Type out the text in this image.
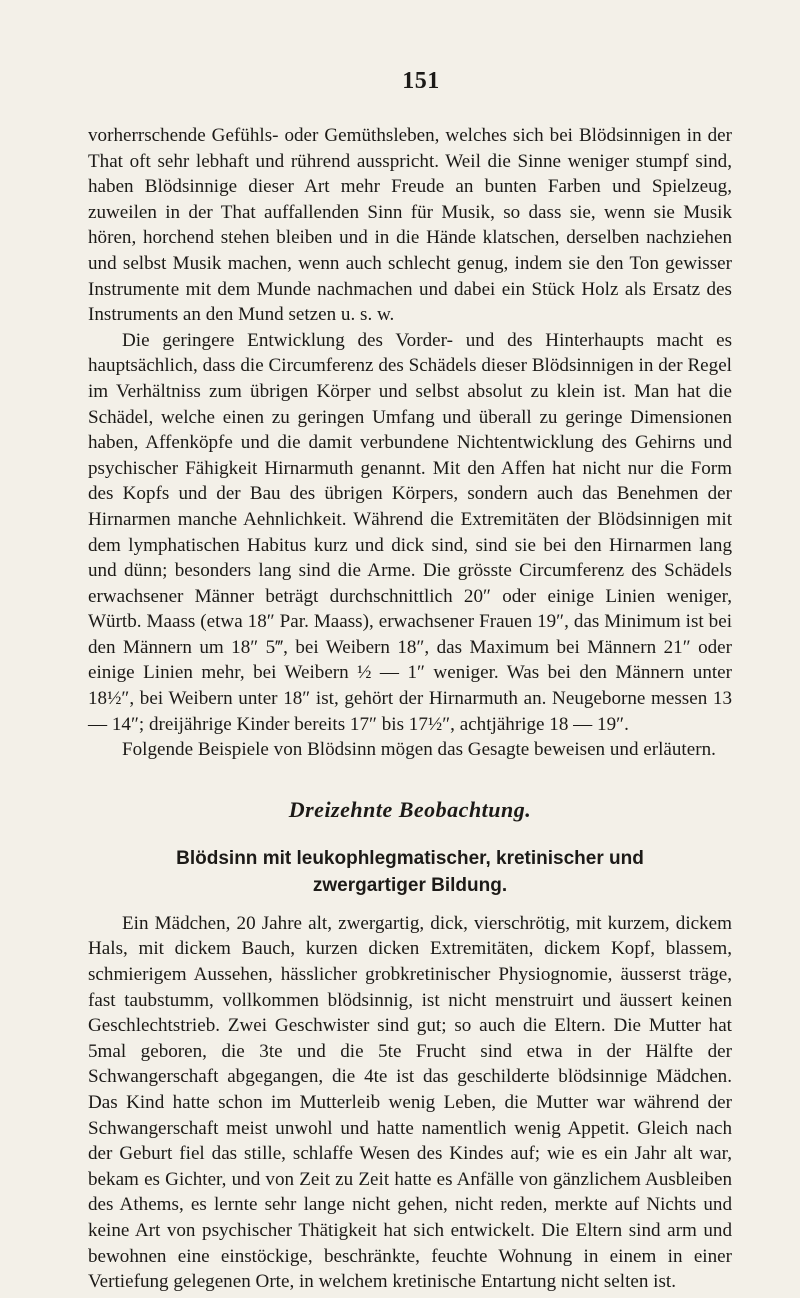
151

vorherrschende Gefühls- oder Gemüthsleben, welches sich bei Blödsinnigen in der That oft sehr lebhaft und rührend ausspricht. Weil die Sinne weniger stumpf sind, haben Blödsinnige dieser Art mehr Freude an bunten Farben und Spielzeug, zuweilen in der That auffallenden Sinn für Musik, so dass sie, wenn sie Musik hören, horchend stehen bleiben und in die Hände klatschen, derselben nachziehen und selbst Musik machen, wenn auch schlecht genug, indem sie den Ton gewisser Instrumente mit dem Munde nachmachen und dabei ein Stück Holz als Ersatz des Instruments an den Mund setzen u. s. w.

Die geringere Entwicklung des Vorder- und des Hinterhaupts macht es hauptsächlich, dass die Circumferenz des Schädels dieser Blödsinnigen in der Regel im Verhältniss zum übrigen Körper und selbst absolut zu klein ist. Man hat die Schädel, welche einen zu geringen Umfang und überall zu geringe Dimensionen haben, Affenköpfe und die damit verbundene Nichtentwicklung des Gehirns und psychischer Fähigkeit Hirnarmuth genannt. Mit den Affen hat nicht nur die Form des Kopfs und der Bau des übrigen Körpers, sondern auch das Benehmen der Hirnarmen manche Aehnlichkeit. Während die Extremitäten der Blödsinnigen mit dem lymphatischen Habitus kurz und dick sind, sind sie bei den Hirnarmen lang und dünn; besonders lang sind die Arme. Die grösste Circumferenz des Schädels erwachsener Männer beträgt durchschnittlich 20″ oder einige Linien weniger, Würtb. Maass (etwa 18″ Par. Maass), erwachsener Frauen 19″, das Minimum ist bei den Männern um 18″ 5‴, bei Weibern 18″, das Maximum bei Männern 21″ oder einige Linien mehr, bei Weibern ½ — 1″ weniger. Was bei den Männern unter 18½″, bei Weibern unter 18″ ist, gehört der Hirnarmuth an. Neugeborne messen 13 — 14″; dreijährige Kinder bereits 17″ bis 17½″, achtjährige 18 — 19″.

Folgende Beispiele von Blödsinn mögen das Gesagte beweisen und erläutern.

Dreizehnte Beobachtung.
Blödsinn mit leukophlegmatischer, kretinischer und zwergartiger Bildung.

Ein Mädchen, 20 Jahre alt, zwergartig, dick, vierschrötig, mit kurzem, dickem Hals, mit dickem Bauch, kurzen dicken Extremitäten, dickem Kopf, blassem, schmierigem Aussehen, hässlicher grobkretinischer Physiognomie, äusserst träge, fast taubstumm, vollkommen blödsinnig, ist nicht menstruirt und äussert keinen Geschlechtstrieb. Zwei Geschwister sind gut; so auch die Eltern. Die Mutter hat 5mal geboren, die 3te und die 5te Frucht sind etwa in der Hälfte der Schwangerschaft abgegangen, die 4te ist das geschilderte blödsinnige Mädchen. Das Kind hatte schon im Mutterleib wenig Leben, die Mutter war während der Schwangerschaft meist unwohl und hatte namentlich wenig Appetit. Gleich nach der Geburt fiel das stille, schlaffe Wesen des Kindes auf; wie es ein Jahr alt war, bekam es Gichter, und von Zeit zu Zeit hatte es Anfälle von gänzlichem Ausbleiben des Athems, es lernte sehr lange nicht gehen, nicht reden, merkte auf Nichts und keine Art von psychischer Thätigkeit hat sich entwickelt. Die Eltern sind arm und bewohnen eine einstöckige, beschränkte, feuchte Wohnung in einem in einer Vertiefung gelegenen Orte, in welchem kretinische Entartung nicht selten ist.
